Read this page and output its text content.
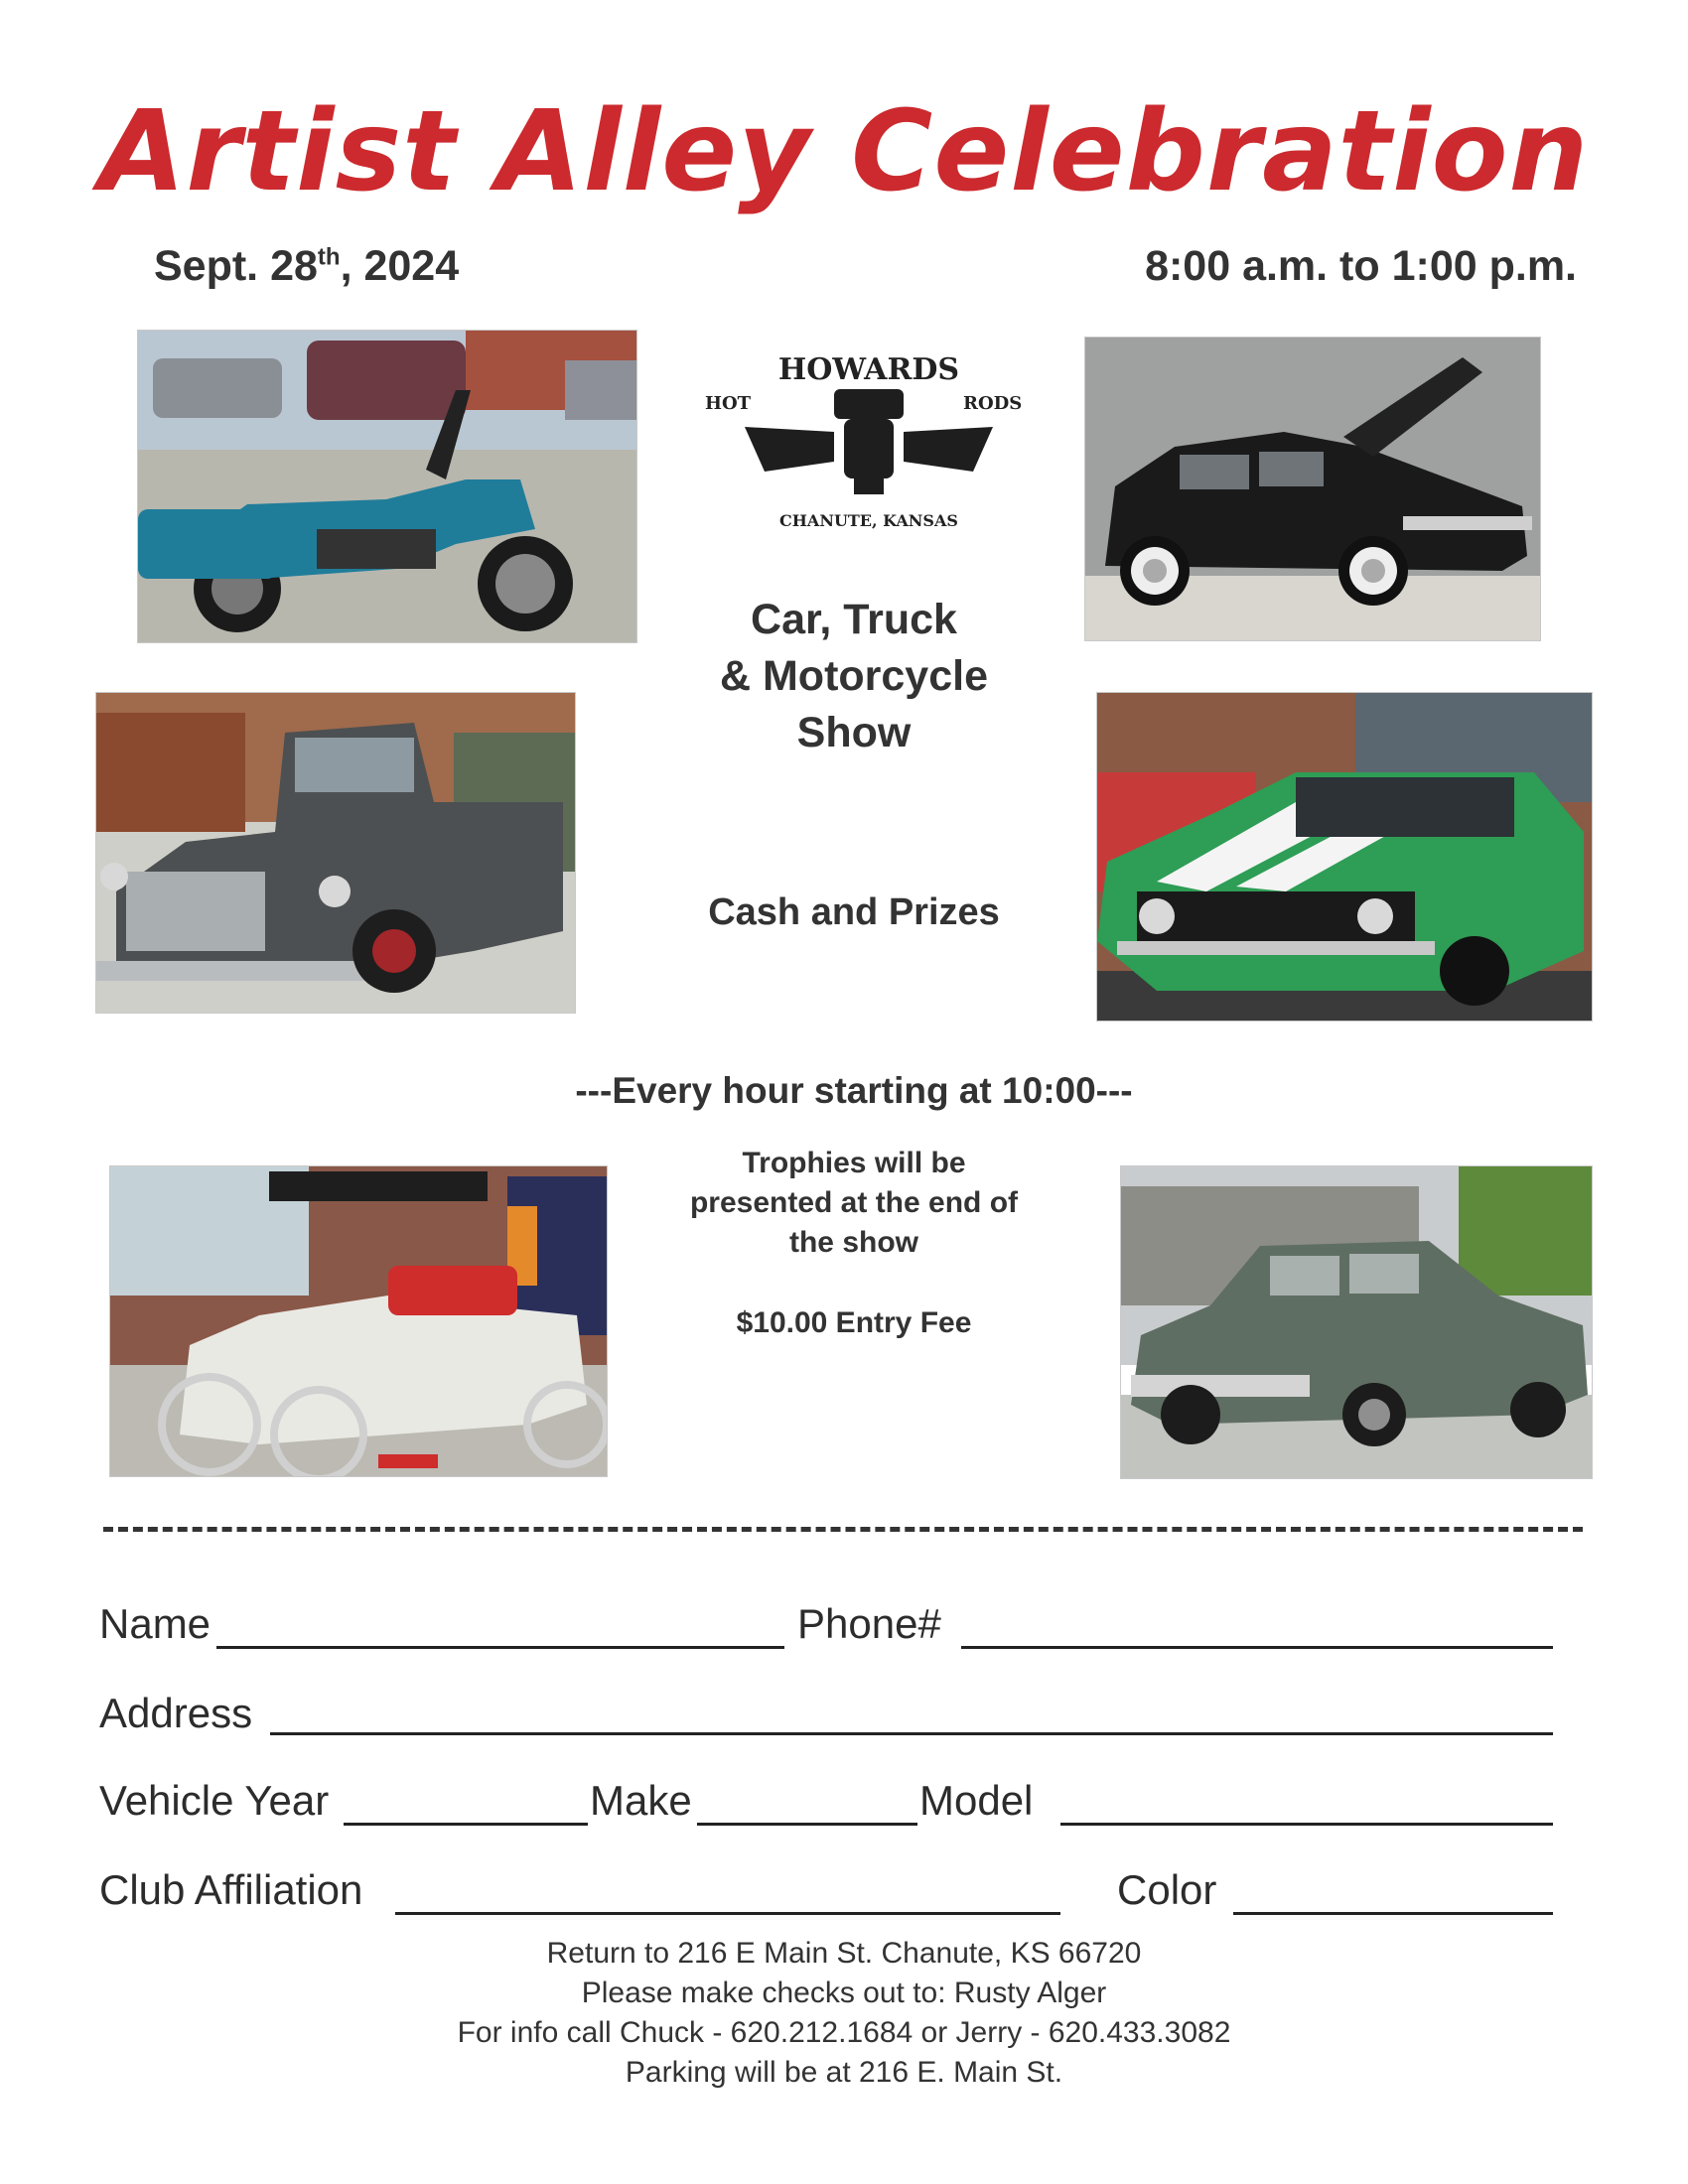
Artist Alley Celebration
Sept. 28th, 2024	8:00 a.m. to 1:00 p.m.
HOWARDS
HOT	RODS
CHANUTE, KANSAS
Car, Truck
& Motorcycle
Show
Cash and Prizes
---Every hour starting at 10:00---
Trophies will be
presented at the end of
the show
$10.00 Entry Fee
Name	Phone#
Address
Vehicle Year	Make	Model
Club Affiliation	Color
Return to 216 E Main St. Chanute, KS 66720
Please make checks out to: Rusty Alger
For info call Chuck - 620.212.1684 or Jerry - 620.433.3082
Parking will be at 216 E. Main St.
